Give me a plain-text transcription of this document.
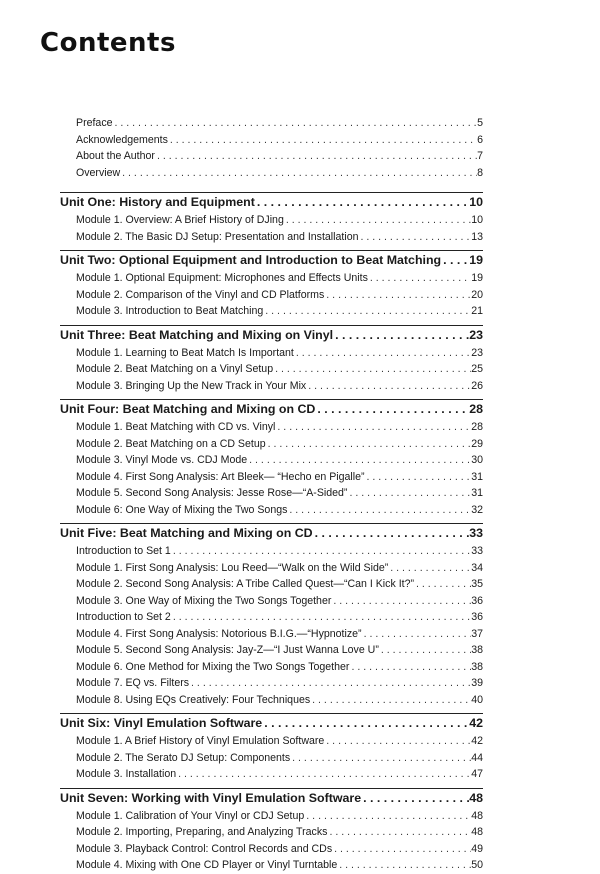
Contents
Preface . . .	5
Acknowledgements . . .	6
About the Author . . .	7
Overview . . .	8
Unit One: History and Equipment . . .	10
Module 1. Overview: A Brief History of DJing . . .	10
Module 2. The Basic DJ Setup: Presentation and Installation . . .	13
Unit Two: Optional Equipment and Introduction to Beat Matching . . . 19
Module 1. Optional Equipment: Microphones and Effects Units . . .	19
Module 2. Comparison of the Vinyl and CD Platforms . . .	20
Module 3. Introduction to Beat Matching . . .	21
Unit Three: Beat Matching and Mixing on Vinyl . . .	23
Module 1. Learning to Beat Match Is Important . . .	23
Module 2. Beat Matching on a Vinyl Setup . . .	25
Module 3. Bringing Up the New Track in Your Mix . . .	26
Unit Four: Beat Matching and Mixing on CD . . .	28
Module 1. Beat Matching with CD vs. Vinyl . . .	28
Module 2. Beat Matching on a CD Setup . . .	29
Module 3. Vinyl Mode vs. CDJ Mode . . .	30
Module 4. First Song Analysis: Art Bleek— “Hecho en Pigalle” . . .	31
Module 5. Second Song Analysis: Jesse Rose—“A-Sided” . . .	31
Module 6: One Way of Mixing the Two Songs . . .	32
Unit Five: Beat Matching and Mixing on CD . . .	33
Introduction to Set 1 . . .	33
Module 1. First Song Analysis: Lou Reed—“Walk on the Wild Side” . . .	34
Module 2. Second Song Analysis: A Tribe Called Quest—“Can I Kick It?” . . .	35
Module 3. One Way of Mixing the Two Songs Together . . .	36
Introduction to Set 2 . . .	36
Module 4. First Song Analysis: Notorious B.I.G.—“Hypnotize” . . .	37
Module 5. Second Song Analysis: Jay-Z—“I Just Wanna Love U” . . .	38
Module 6. One Method for Mixing the Two Songs Together . . .	38
Module 7. EQ vs. Filters . . .	39
Module 8. Using EQs Creatively: Four Techniques . . .	40
Unit Six: Vinyl Emulation Software . . .	42
Module 1. A Brief History of Vinyl Emulation Software . . .	42
Module 2. The Serato DJ Setup: Components . . .	44
Module 3. Installation . . .	47
Unit Seven: Working with Vinyl Emulation Software . . .	48
Module 1. Calibration of Your Vinyl or CDJ Setup . . .	48
Module 2. Importing, Preparing, and Analyzing Tracks . . .	48
Module 3. Playback Control: Control Records and CDs . . .	49
Module 4. Mixing with One CD Player or Vinyl Turntable . . .	50
